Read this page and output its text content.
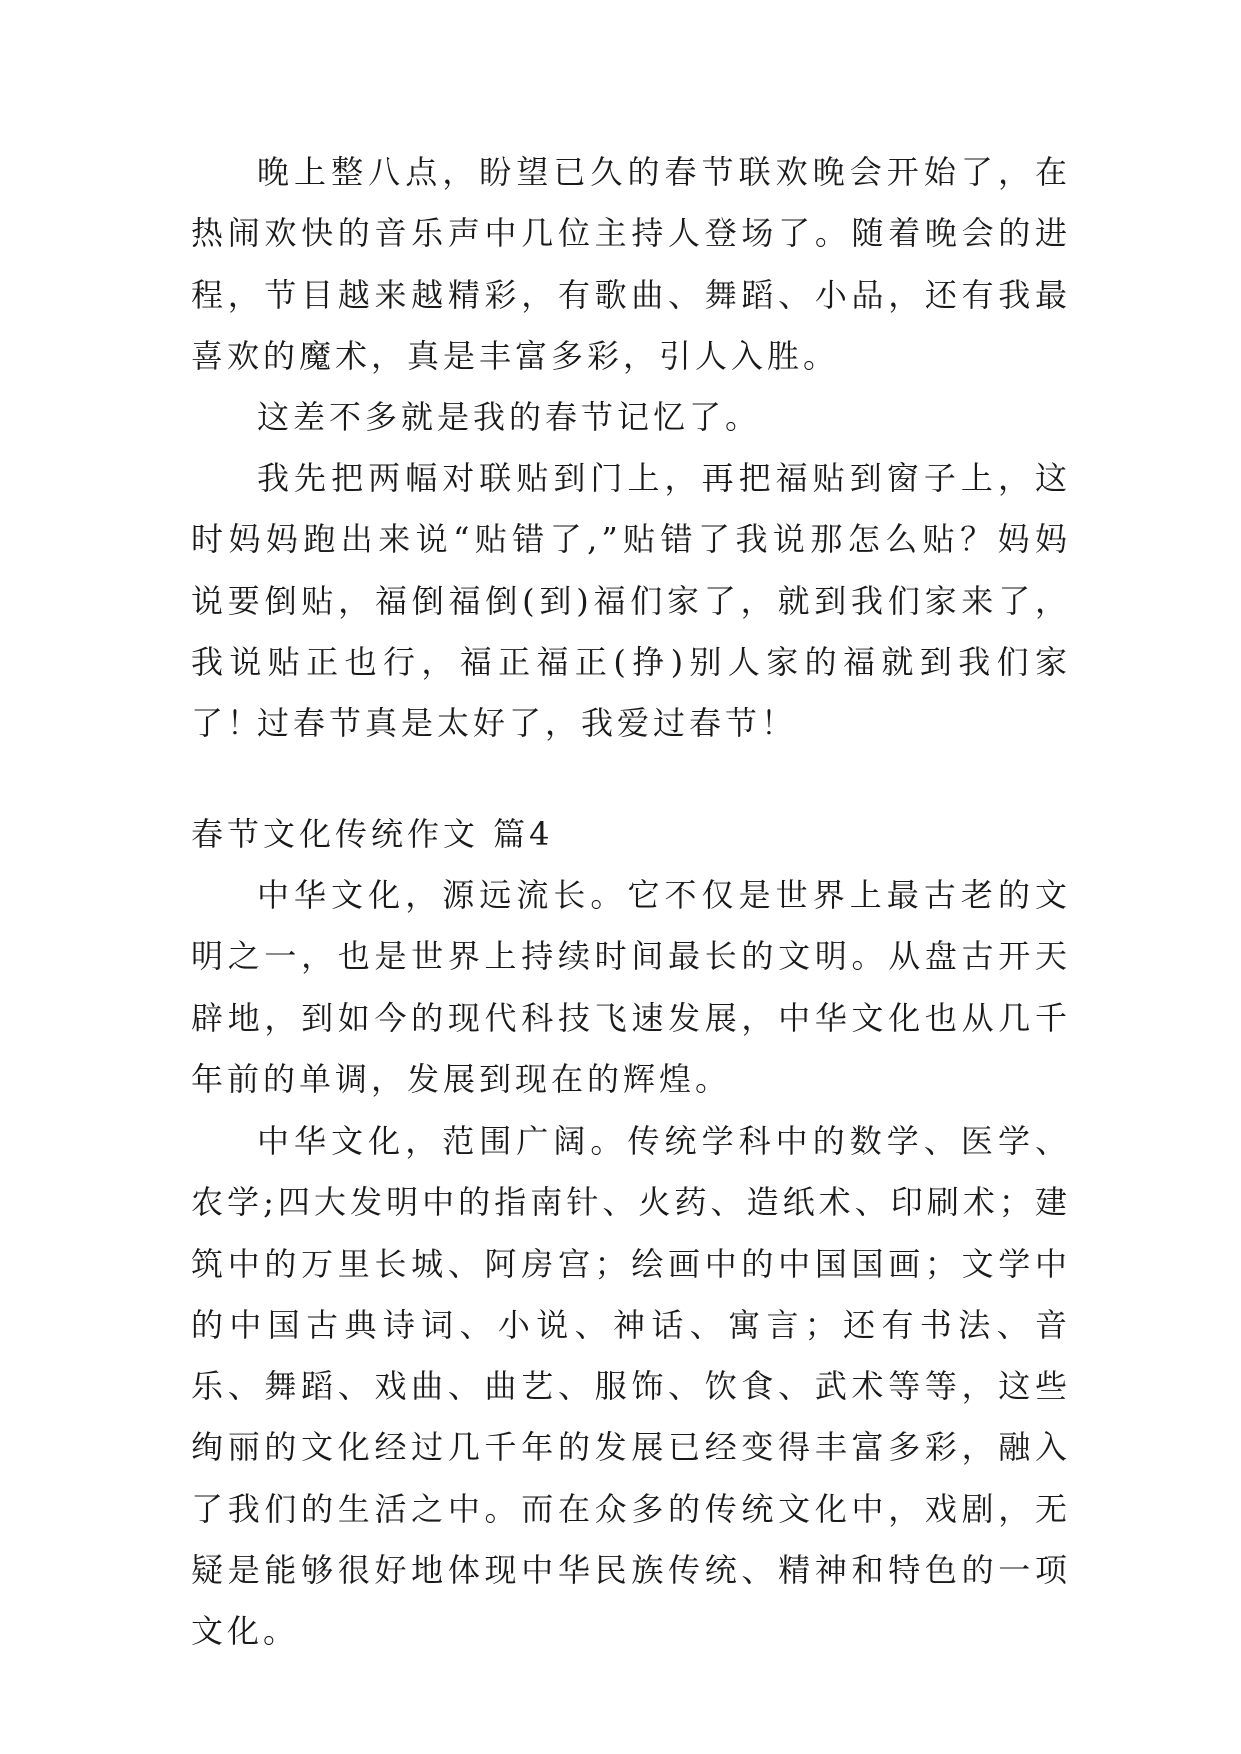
晚上整八点，盼望已久的春节联欢晚会开始了，在热闹欢快的音乐声中几位主持人登场了。随着晚会的进程，节目越来越精彩，有歌曲、舞蹈、小品，还有我最喜欢的魔术，真是丰富多彩，引人入胜。

这差不多就是我的春节记忆了。

我先把两幅对联贴到门上，再把福贴到窗子上，这时妈妈跑出来说“贴错了,”贴错了我说那怎么贴？妈妈说要倒贴，福倒福倒(到)福们家了，就到我们家来了，我说贴正也行，福正福正(挣)别人家的福就到我们家了！

过春节真是太好了，我爱过春节！

春节文化传统作文 篇4

中华文化，源远流长。它不仅是世界上最古老的文明之一，也是世界上持续时间最长的文明。从盘古开天辟地，到如今的现代科技飞速发展，中华文化也从几千年前的单调，发展到现在的辉煌。

中华文化，范围广阔。传统学科中的数学、医学、农学;四大发明中的指南针、火药、造纸术、印刷术；建筑中的万里长城、阿房宫；绘画中的中国国画；文学中的中国古典诗词、小说、神话、寓言；还有书法、音乐、舞蹈、戏曲、曲艺、服饰、饮食、武术等等，这些绚丽的文化经过几千年的发展已经变得丰富多彩，融入了我们的生活之中。而在众多的传统文化中，戏剧，无疑是能够很好地体现中华民族传统、精神和特色的一项文化。
